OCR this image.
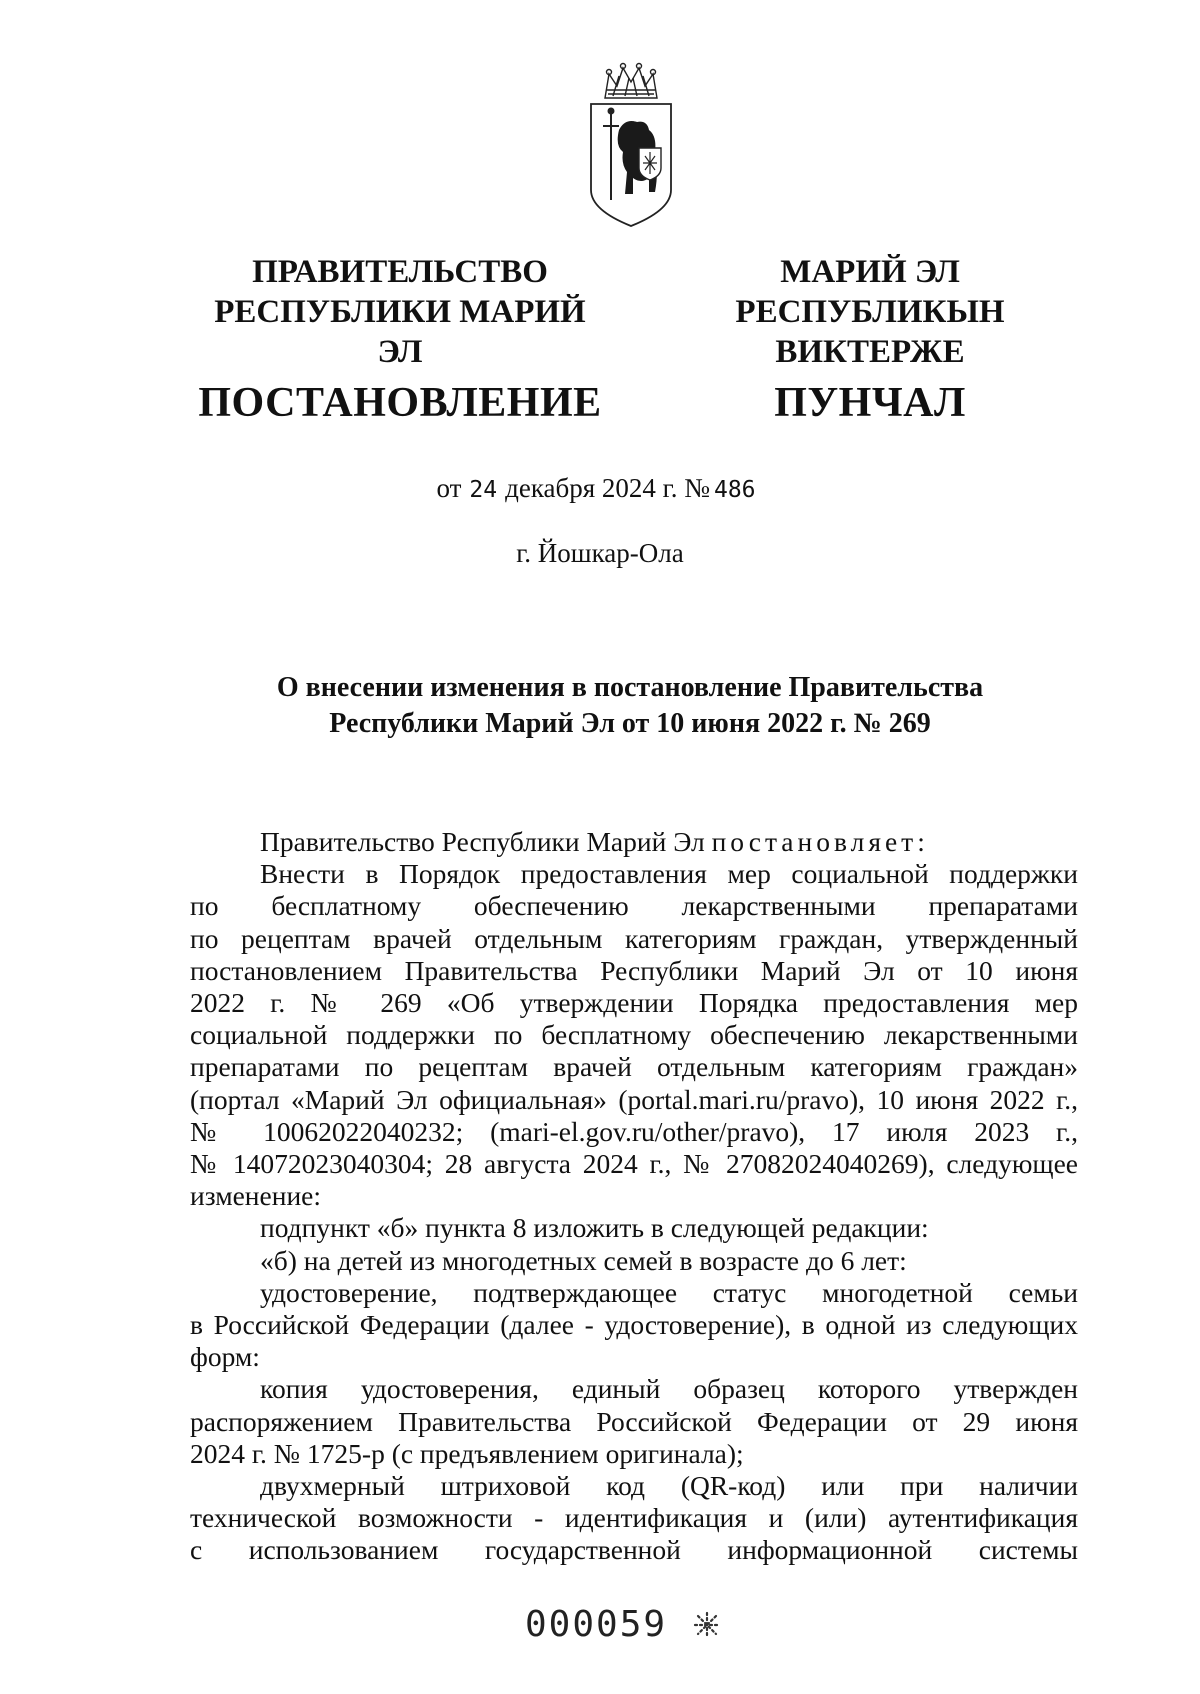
ПРАВИТЕЛЬСТВО
РЕСПУБЛИКИ МАРИЙ ЭЛ
ПОСТАНОВЛЕНИЕ
МАРИЙ ЭЛ РЕСПУБЛИКЫН
ВИКТЕРЖЕ
ПУНЧАЛ
от 24 декабря 2024 г. № 486
г. Йошкар-Ола
О внесении изменения в постановление Правительства
Республики Марий Эл от 10 июня 2022 г. № 269

Правительство Республики Марий Эл постановляет:

Внести в Порядок предоставления мер социальной поддержки

по бесплатному обеспечению лекарственными препаратами

по рецептам врачей отдельным категориям граждан, утвержденный

постановлением Правительства Республики Марий Эл от 10 июня

2022 г. № 269 «Об утверждении Порядка предоставления мер

социальной поддержки по бесплатному обеспечению лекарственными

препаратами по рецептам врачей отдельным категориям граждан»

(портал «Марий Эл официальная» (portal.mari.ru/pravo), 10 июня 2022 г.,

№ 10062022040232; (mari-el.gov.ru/other/pravo), 17 июля 2023 г.,

№ 14072023040304; 28 августа 2024 г., № 27082024040269), следующее

изменение:

подпункт «б» пункта 8 изложить в следующей редакции:

«б) на детей из многодетных семей в возрасте до 6 лет:

удостоверение, подтверждающее статус многодетной семьи

в Российской Федерации (далее - удостоверение), в одной из следующих

форм:

копия удостоверения, единый образец которого утвержден

распоряжением Правительства Российской Федерации от 29 июня

2024 г. № 1725-р (с предъявлением оригинала);

двухмерный штриховой код (QR-код) или при наличии

технической возможности - идентификация и (или) аутентификация

с использованием государственной информационной системы

000059
